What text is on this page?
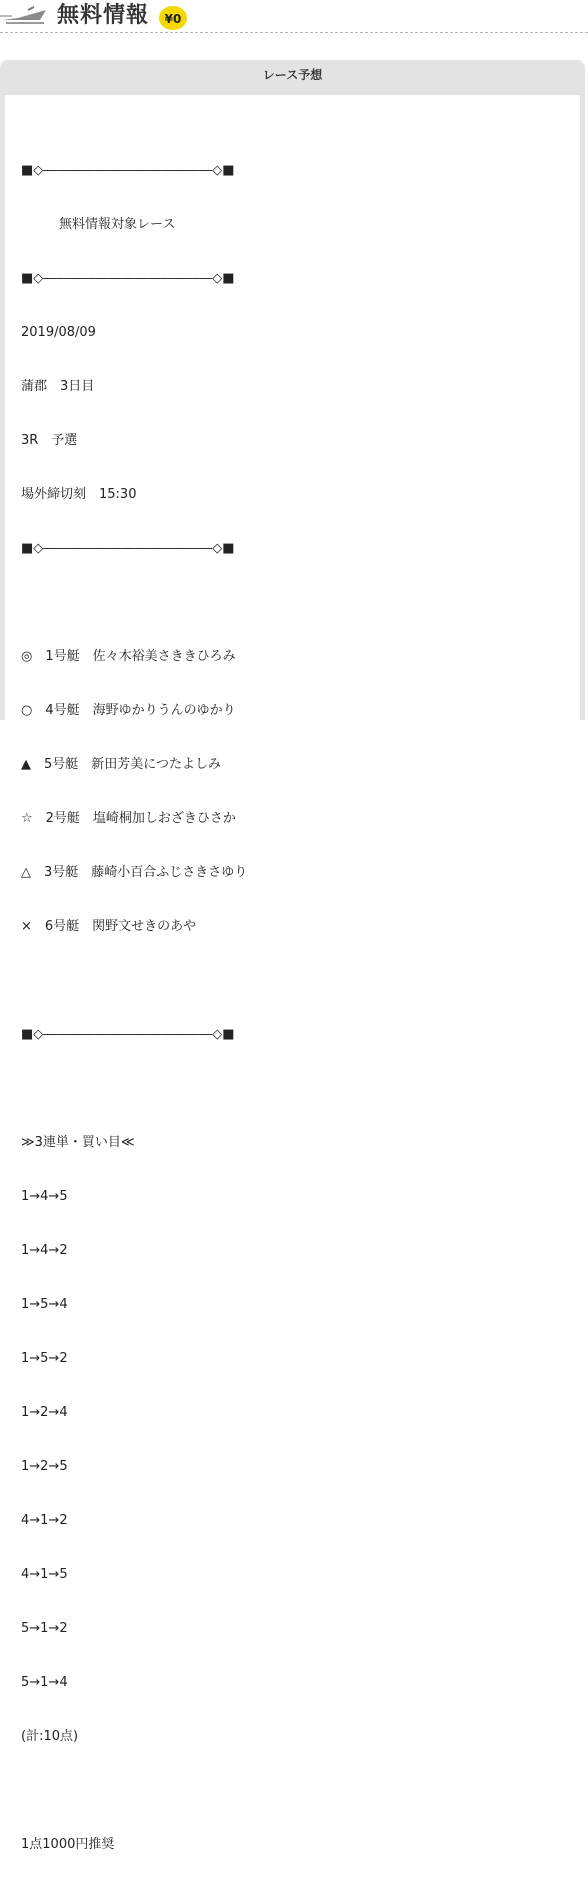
無料情報 ¥0
レース予想

■◇―――――――――――――◇■

無料情報対象レース

■◇―――――――――――――◇■

2019/08/09

蒲郡　3日目

3R　予選

場外締切刻　15:30

■◇―――――――――――――◇■

◎　1号艇　佐々木裕美さききひろみ

○　4号艇　海野ゆかりうんのゆかり

▲　5号艇　新田芳美につたよしみ

☆　2号艇　塩崎桐加しおざきひさか

△　3号艇　藤崎小百合ふじさきさゆり

×　6号艇　関野文せきのあや

■◇―――――――――――――◇■

≫3連単・買い目≪

1→4→5

1→4→2

1→5→4

1→5→2

1→2→4

1→2→5

4→1→2

4→1→5

5→1→2

5→1→4

(計:10点)

1点1000円推奨
